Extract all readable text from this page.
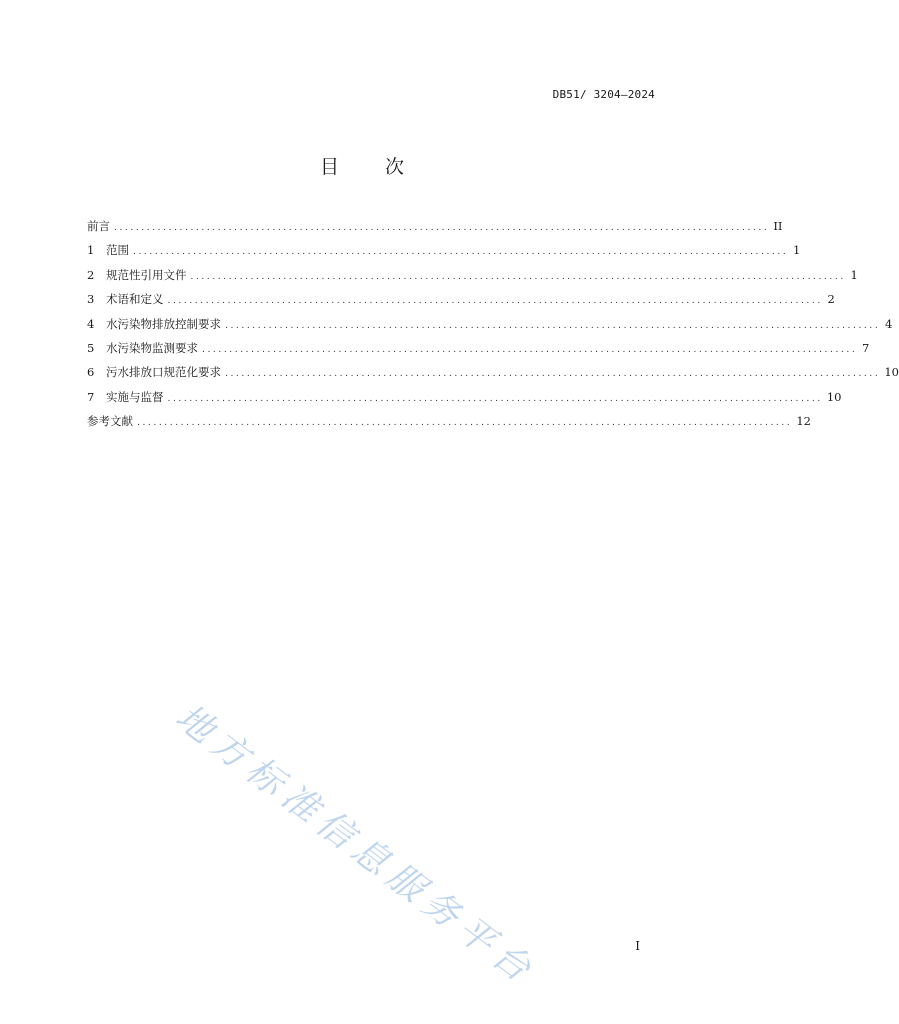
DB51/ 3204—2024
目 次
前言 ........................................................................................................................ II
1	范围 ........................................................................................................................ 1
2	规范性引用文件 ........................................................................................................................ 1
3	术语和定义 ........................................................................................................................ 2
4	水污染物排放控制要求 ........................................................................................................................ 4
5	水污染物监测要求 ........................................................................................................................ 7
6	污水排放口规范化要求 ........................................................................................................................ 10
7	实施与监督 ........................................................................................................................ 10
参考文献 ........................................................................................................................ 12
地方标准信息服务平台	I
